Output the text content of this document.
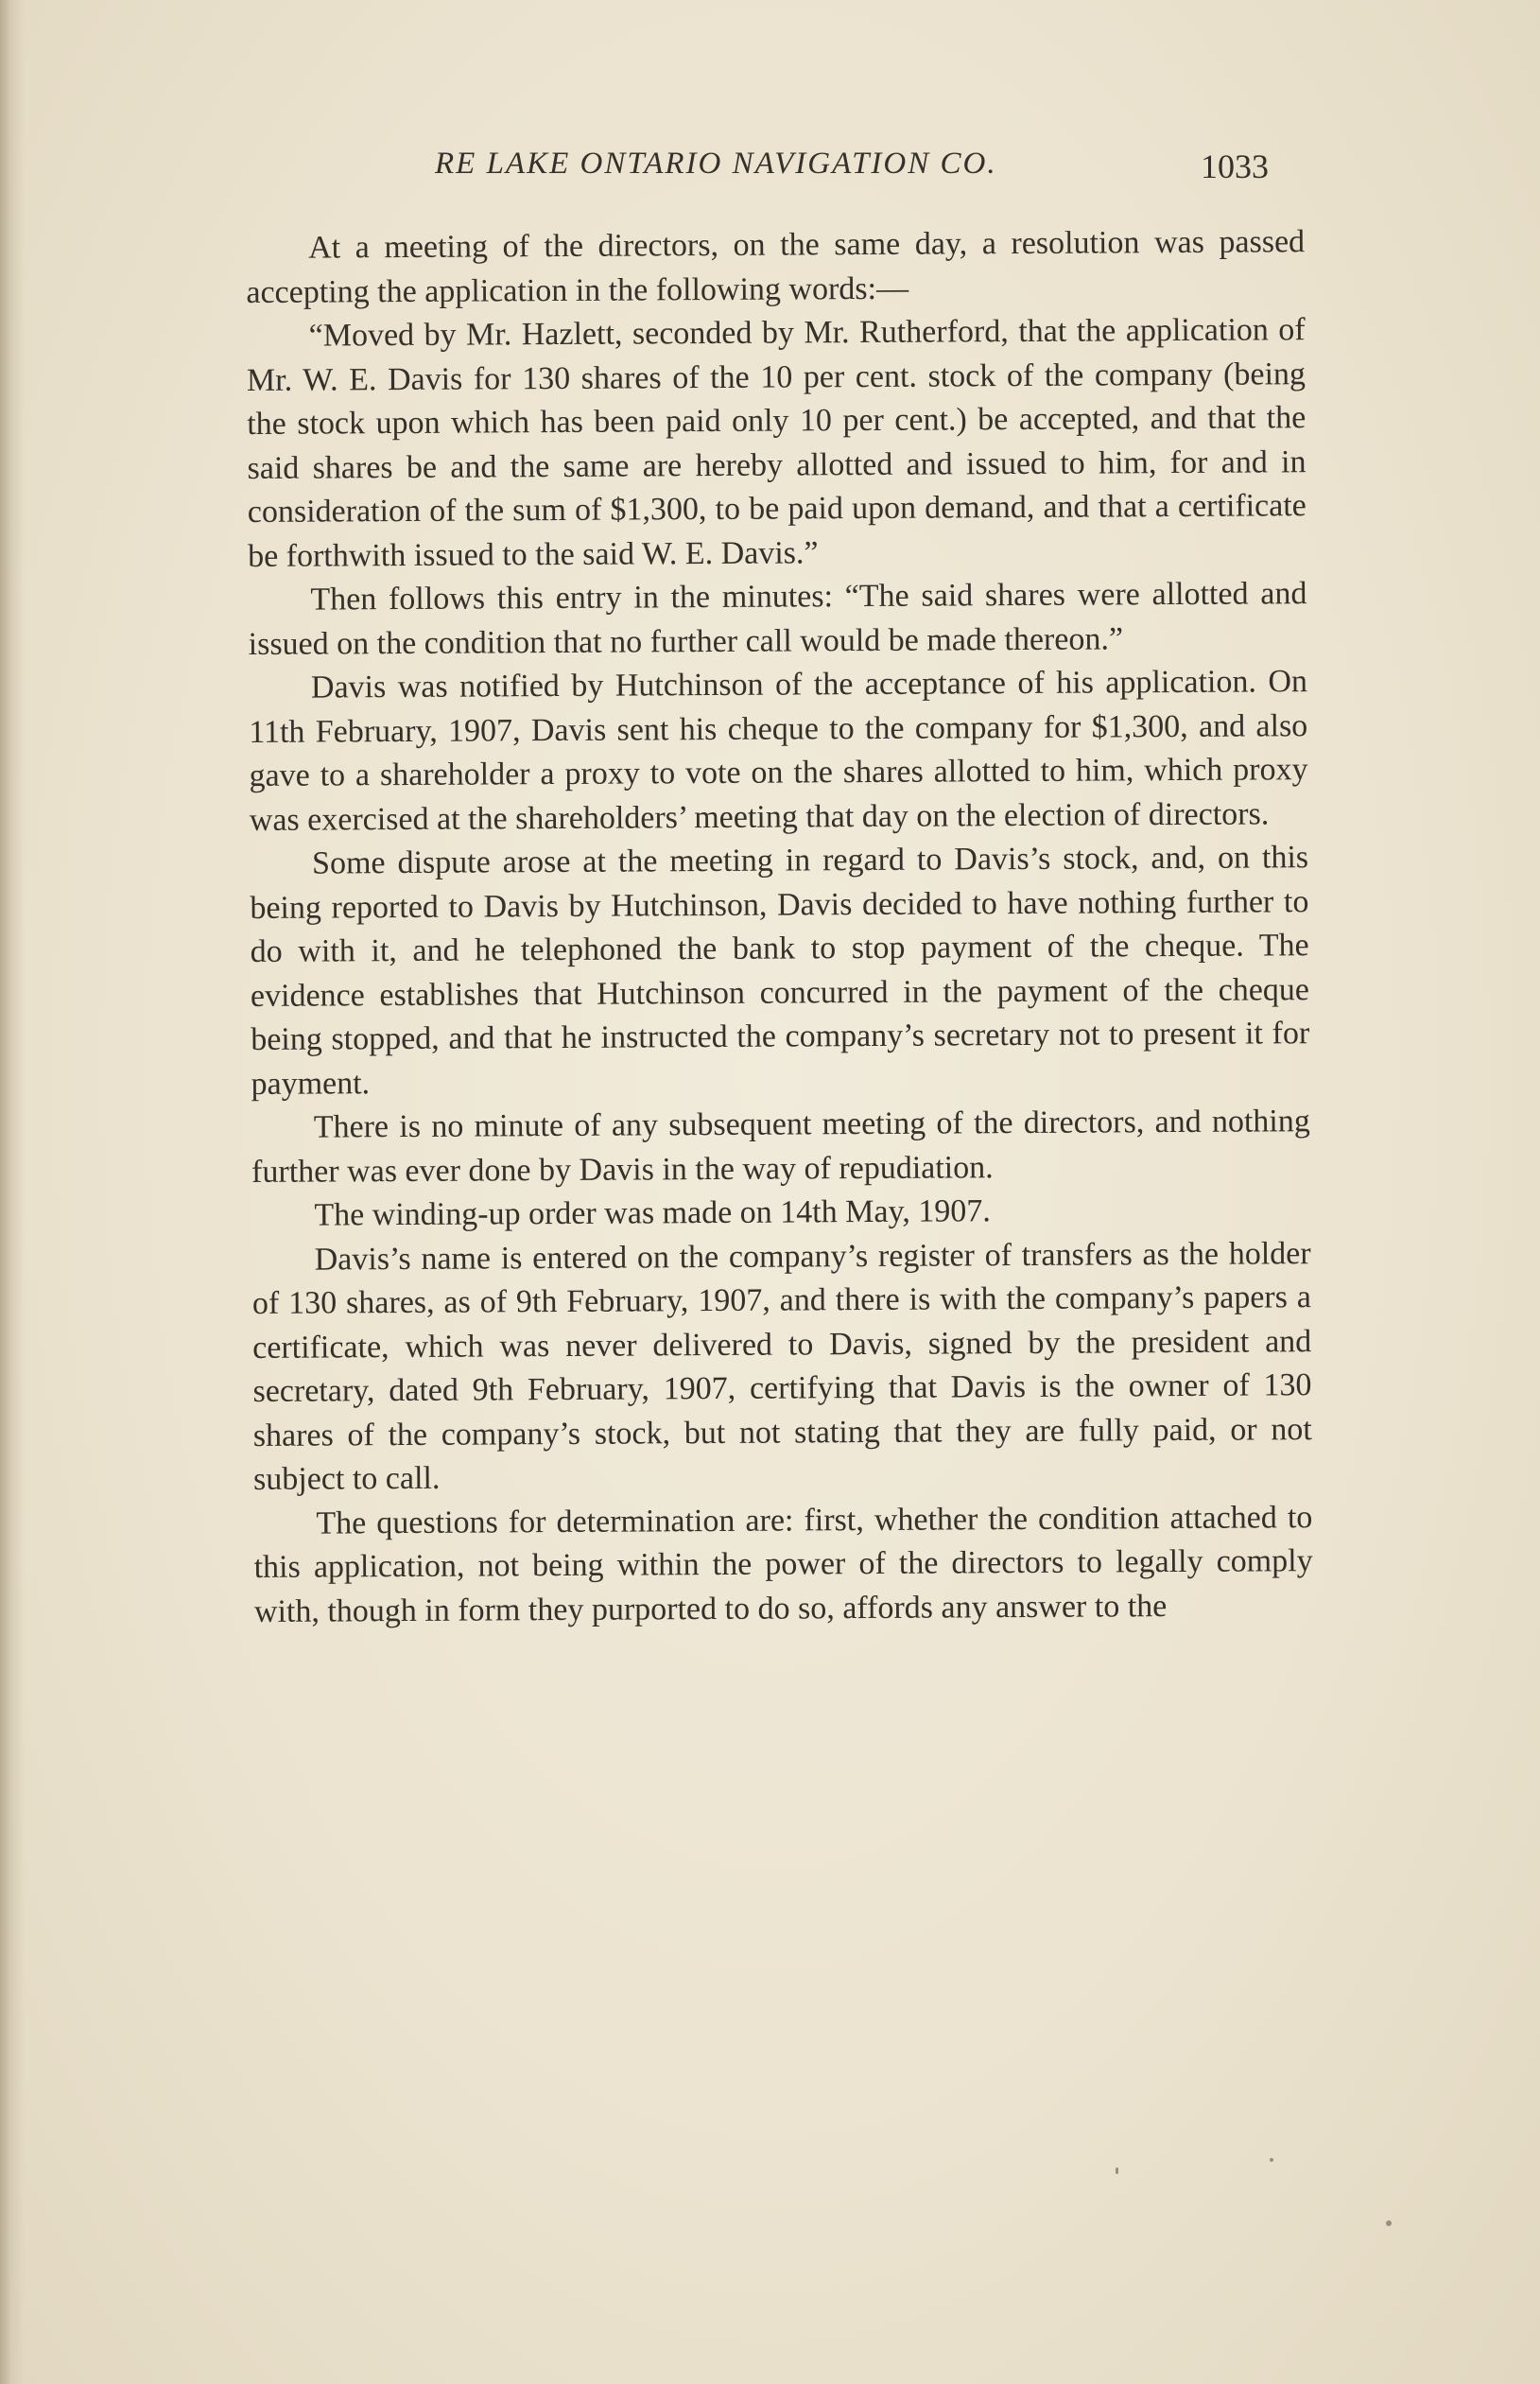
RE LAKE ONTARIO NAVIGATION CO.	1033

At a meeting of the directors, on the same day, a resolution was passed accepting the application in the following words:—

“Moved by Mr. Hazlett, seconded by Mr. Rutherford, that the application of Mr. W. E. Davis for 130 shares of the 10 per cent. stock of the company (being the stock upon which has been paid only 10 per cent.) be accepted, and that the said shares be and the same are hereby allotted and issued to him, for and in consideration of the sum of $1,300, to be paid upon demand, and that a certificate be forthwith issued to the said W. E. Davis.”

Then follows this entry in the minutes: “The said shares were allotted and issued on the condition that no further call would be made thereon.”

Davis was notified by Hutchinson of the acceptance of his application. On 11th February, 1907, Davis sent his cheque to the company for $1,300, and also gave to a shareholder a proxy to vote on the shares allotted to him, which proxy was exercised at the shareholders’ meeting that day on the election of directors.

Some dispute arose at the meeting in regard to Davis’s stock, and, on this being reported to Davis by Hutchinson, Davis decided to have nothing further to do with it, and he telephoned the bank to stop payment of the cheque. The evidence establishes that Hutchinson concurred in the payment of the cheque being stopped, and that he instructed the company’s secretary not to present it for payment.

There is no minute of any subsequent meeting of the directors, and nothing further was ever done by Davis in the way of repudiation.

The winding-up order was made on 14th May, 1907.

Davis’s name is entered on the company’s register of transfers as the holder of 130 shares, as of 9th February, 1907, and there is with the company’s papers a certificate, which was never delivered to Davis, signed by the president and secretary, dated 9th February, 1907, certifying that Davis is the owner of 130 shares of the company’s stock, but not stating that they are fully paid, or not subject to call.

The questions for determination are: first, whether the condition attached to this application, not being within the power of the directors to legally comply with, though in form they purported to do so, affords any answer to the
